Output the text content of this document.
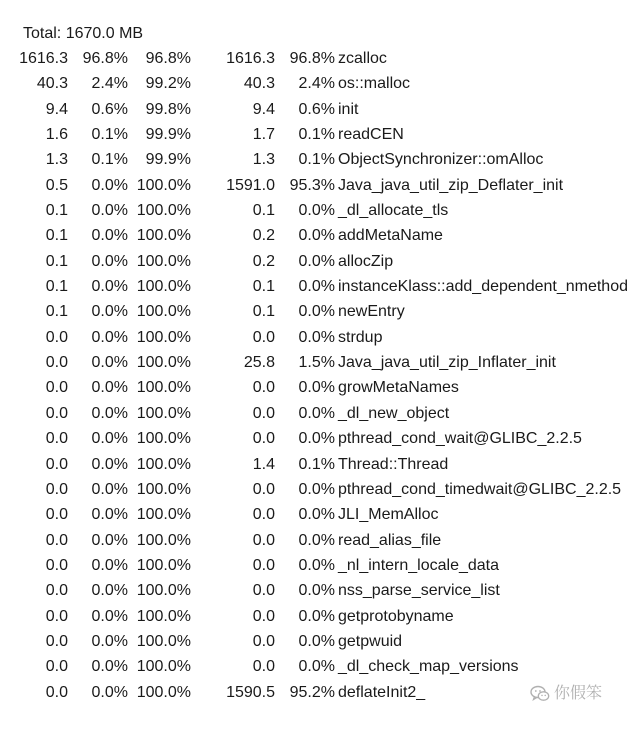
Total: 1670.0 MB
1616.3 96.8% 96.8% 1616.3 96.8% zcalloc
40.3 2.4% 99.2%	40.3 2.4% os::malloc
9.4 0.6% 99.8%	9.4 0.6% init
1.6 0.1% 99.9%	1.7 0.1% readCEN
1.3 0.1% 99.9%	1.3 0.1% ObjectSynchronizer::omAlloc
0.5 0.0% 100.0% 1591.0 95.3% Java_java_util_zip_Deflater_init
0.1 0.0% 100.0%	0.1 0.0% _dl_allocate_tls
0.1 0.0% 100.0%	0.2 0.0% addMetaName
0.1 0.0% 100.0%	0.2 0.0% allocZip
0.1 0.0% 100.0%	0.1 0.0% instanceKlass::add_dependent_nmethod
0.1 0.0% 100.0%	0.1 0.0% newEntry
0.0 0.0% 100.0%	0.0 0.0% strdup
0.0 0.0% 100.0%	25.8 1.5% Java_java_util_zip_Inflater_init
0.0 0.0% 100.0%	0.0 0.0% growMetaNames
0.0 0.0% 100.0%	0.0 0.0% _dl_new_object
0.0 0.0% 100.0%	0.0 0.0% pthread_cond_wait@GLIBC_2.2.5
0.0 0.0% 100.0%	1.4 0.1% Thread::Thread
0.0 0.0% 100.0%	0.0 0.0% pthread_cond_timedwait@GLIBC_2.2.5
0.0 0.0% 100.0%	0.0 0.0% JLI_MemAlloc
0.0 0.0% 100.0%	0.0 0.0% read_alias_file
0.0 0.0% 100.0%	0.0 0.0% _nl_intern_locale_data
0.0 0.0% 100.0%	0.0 0.0% nss_parse_service_list
0.0 0.0% 100.0%	0.0 0.0% getprotobyname
0.0 0.0% 100.0%	0.0 0.0% getpwuid
0.0 0.0% 100.0%	0.0 0.0% _dl_check_map_versions
0.0 0.0% 100.0% 1590.5 95.2% deflateInit2_	你假笨
